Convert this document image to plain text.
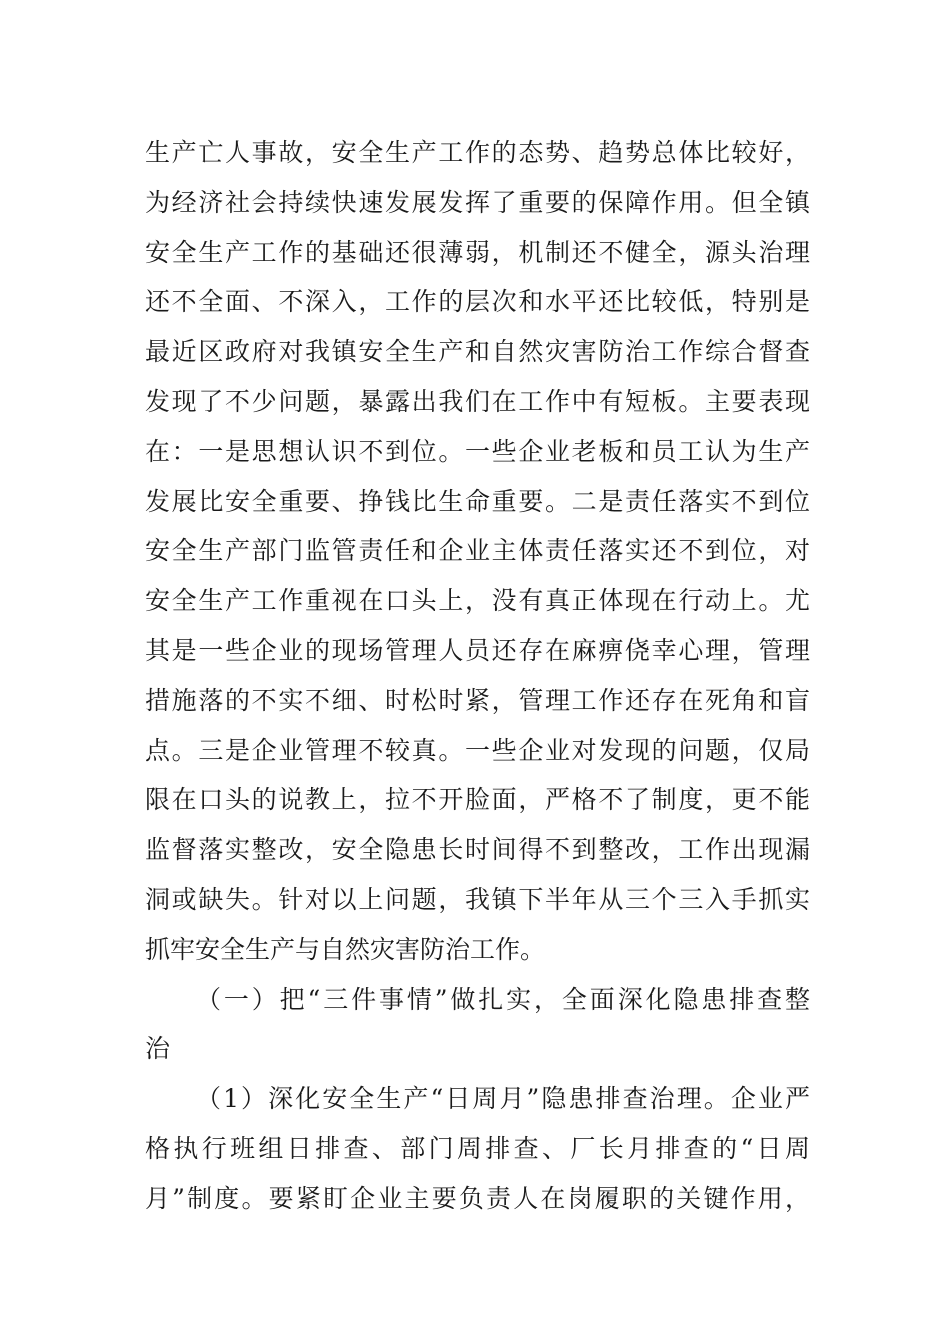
生产亡人事故，安全生产工作的态势、趋势总体比较好，
为经济社会持续快速发展发挥了重要的保障作用。但全镇
安全生产工作的基础还很薄弱，机制还不健全，源头治理
还不全面、不深入，工作的层次和水平还比较低，特别是
最近区政府对我镇安全生产和自然灾害防治工作综合督查
发现了不少问题，暴露出我们在工作中有短板。主要表现
在：一是思想认识不到位。一些企业老板和员工认为生产
发展比安全重要、挣钱比生命重要。二是责任落实不到位
安全生产部门监管责任和企业主体责任落实还不到位，对
安全生产工作重视在口头上，没有真正体现在行动上。尤
其是一些企业的现场管理人员还存在麻痹侥幸心理，管理
措施落的不实不细、时松时紧，管理工作还存在死角和盲
点。三是企业管理不较真。一些企业对发现的问题，仅局
限在口头的说教上，拉不开脸面，严格不了制度，更不能
监督落实整改，安全隐患长时间得不到整改，工作出现漏
洞或缺失。针对以上问题，我镇下半年从三个三入手抓实
抓牢安全生产与自然灾害防治工作。
（一）把“三件事情”做扎实，全面深化隐患排查整
治
（1）深化安全生产“日周月”隐患排查治理。企业严
格执行班组日排查、部门周排查、厂长月排查的“日周
月”制度。要紧盯企业主要负责人在岗履职的关键作用，
